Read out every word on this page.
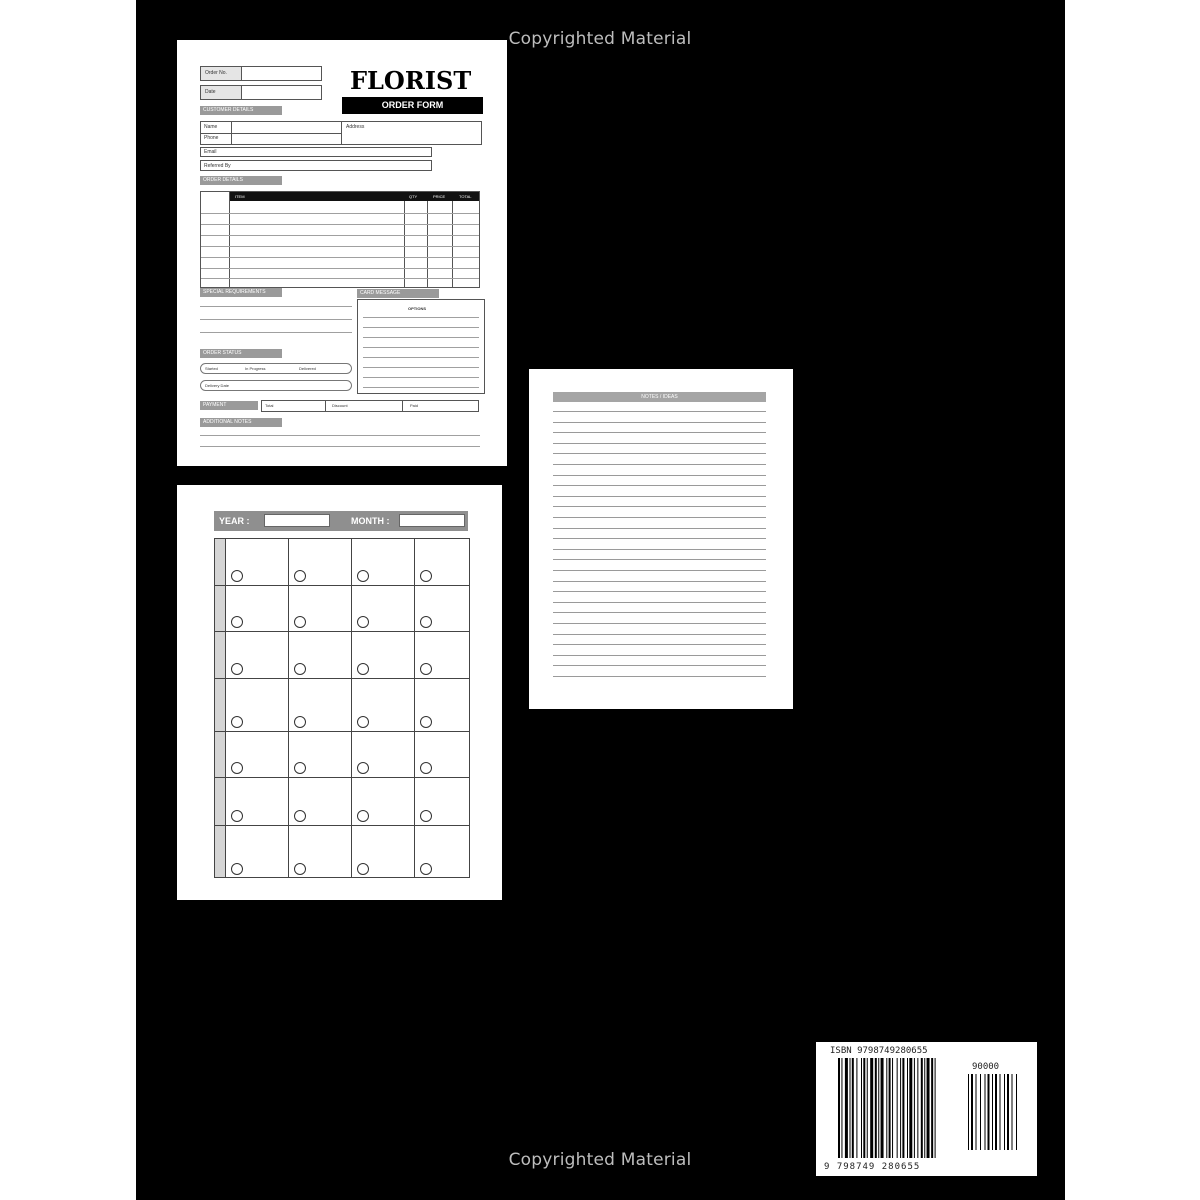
Copyrighted Material
Copyrighted Material
Order No.
Date	FLORIST
ORDER FORM
CUSTOMER DETAILS
Name
Phone
Address
Email
Referred By
ORDER DETAILS
ITEM	QTY	PRICE	TOTAL
SPECIAL REQUIREMENTS	CARD MESSAGE
OPTIONS
ORDER STATUS
Started	In Progress	Delivered
Delivery Date
PAYMENT	Total	Discount	Paid
ADDITIONAL NOTES
YEAR :	MONTH :
NOTES / IDEAS
ISBN 9798749280655
90000
9 798749 280655
